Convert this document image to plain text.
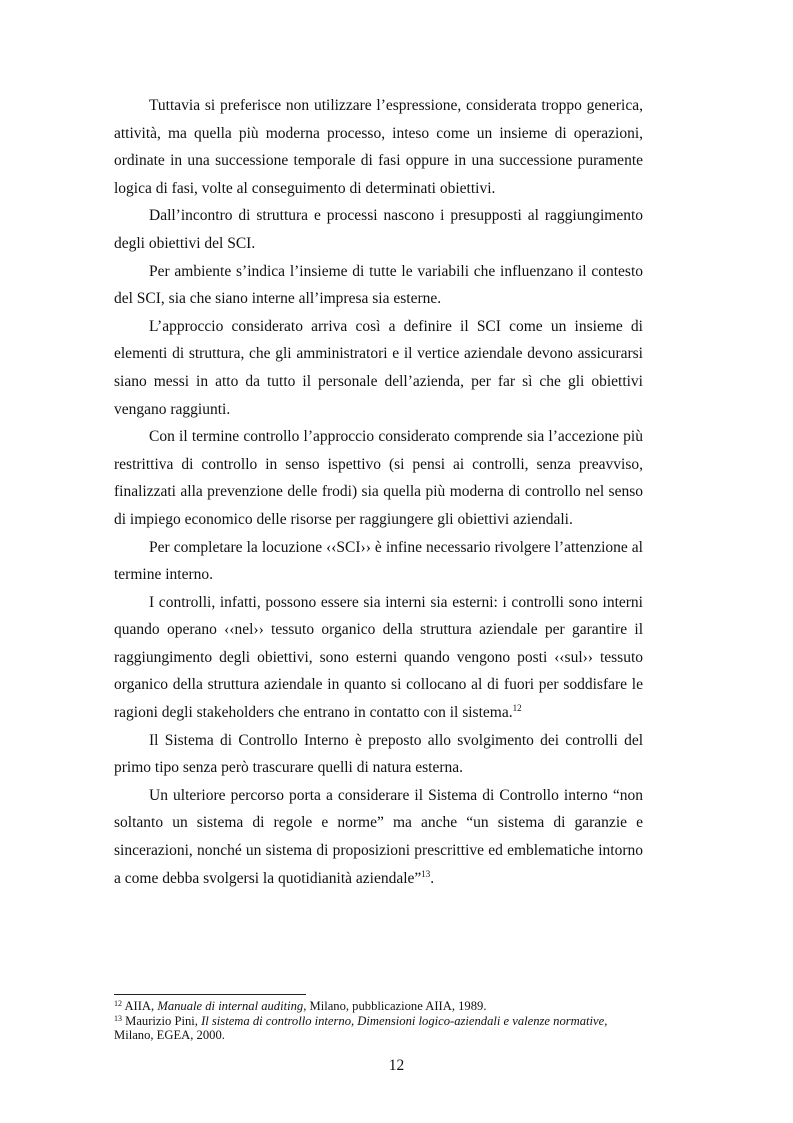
Tuttavia si preferisce non utilizzare l’espressione, considerata troppo generica, attività, ma quella più moderna processo, inteso come un insieme di operazioni, ordinate in una successione temporale di fasi oppure in una successione puramente logica di fasi, volte al conseguimento di determinati obiettivi.

Dall’incontro di struttura e processi nascono i presupposti al raggiungimento degli obiettivi del SCI.

Per ambiente s’indica l’insieme di tutte le variabili che influenzano il contesto del SCI, sia che siano interne all’impresa sia esterne.

L’approccio considerato arriva così a definire il SCI come un insieme di elementi di struttura, che gli amministratori e il vertice aziendale devono assicurarsi siano messi in atto da tutto il personale dell’azienda, per far sì che gli obiettivi vengano raggiunti.

Con il termine controllo l’approccio considerato comprende sia l’accezione più restrittiva di controllo in senso ispettivo (si pensi ai controlli, senza preavviso, finalizzati alla prevenzione delle frodi) sia quella più moderna di controllo nel senso di impiego economico delle risorse per raggiungere gli obiettivi aziendali.

Per completare la locuzione ‹‹SCI›› è infine necessario rivolgere l’attenzione al termine interno.

I controlli, infatti, possono essere sia interni sia esterni: i controlli sono interni quando operano ‹‹nel›› tessuto organico della struttura aziendale per garantire il raggiungimento degli obiettivi, sono esterni quando vengono posti ‹‹sul›› tessuto organico della struttura aziendale in quanto si collocano al di fuori per soddisfare le ragioni degli stakeholders che entrano in contatto con il sistema.$^{12}$

Il Sistema di Controllo Interno è preposto allo svolgimento dei controlli del primo tipo senza però trascurare quelli di natura esterna.

Un ulteriore percorso porta a considerare il Sistema di Controllo interno “non soltanto un sistema di regole e norme” ma anche “un sistema di garanzie e sincerazioni, nonché un sistema di proposizioni prescrittive ed emblematiche intorno a come debba svolgersi la quotidianità aziendale”$^{13}$.

$^{12}$ AIIA, Manuale di internal auditing, Milano, pubblicazione AIIA, 1989.

$^{13}$ Maurizio Pini, Il sistema di controllo interno, Dimensioni logico-aziendali e valenze normative, Milano, EGEA, 2000.

12
